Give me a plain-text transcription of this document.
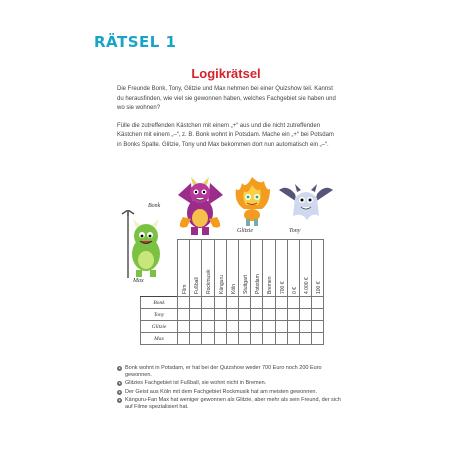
RÄTSEL 1
Logikrätsel

Die Freunde Bonk, Tony, Glitzie und Max nehmen bei einer Quizshow teil. Kannst du herausfinden, wie viel sie gewonnen haben, welches Fachgebiet sie haben und wo sie wohnen?

Fülle die zutreffenden Kästchen mit einem „+“ aus und die nicht zutreffenden Kästchen mit einem „–“, z. B. Bonk wohnt in Potsdam. Mache ein „+“ bei Potsdam in Bonks Spalte. Glitzie, Tony und Max bekommen dort nun automatisch ein „–“.

Bonk
Glitzie	Tony
Max

	Film	Fußball	Rockmusik	Känguru	Köln	Stuttgart	Potsdam	Bremen	700 €	0 €	4.000 €	100 €

Bonk												
Tony												
Glitzie												
Max												
● Bonk wohnt in Potsdam, er hat bei der Quizshow weder 700 Euro noch 200 Euro gewonnen.
● Glitzies Fachgebiet ist Fußball, sie wohnt nicht in Bremen.
● Der Geist aus Köln mit dem Fachgebiet Rockmusik hat am meisten gewonnen.
● Känguru-Fan Max hat weniger gewonnen als Glitzie, aber mehr als sein Freund, der sich auf Filme spezialisiert hat.
